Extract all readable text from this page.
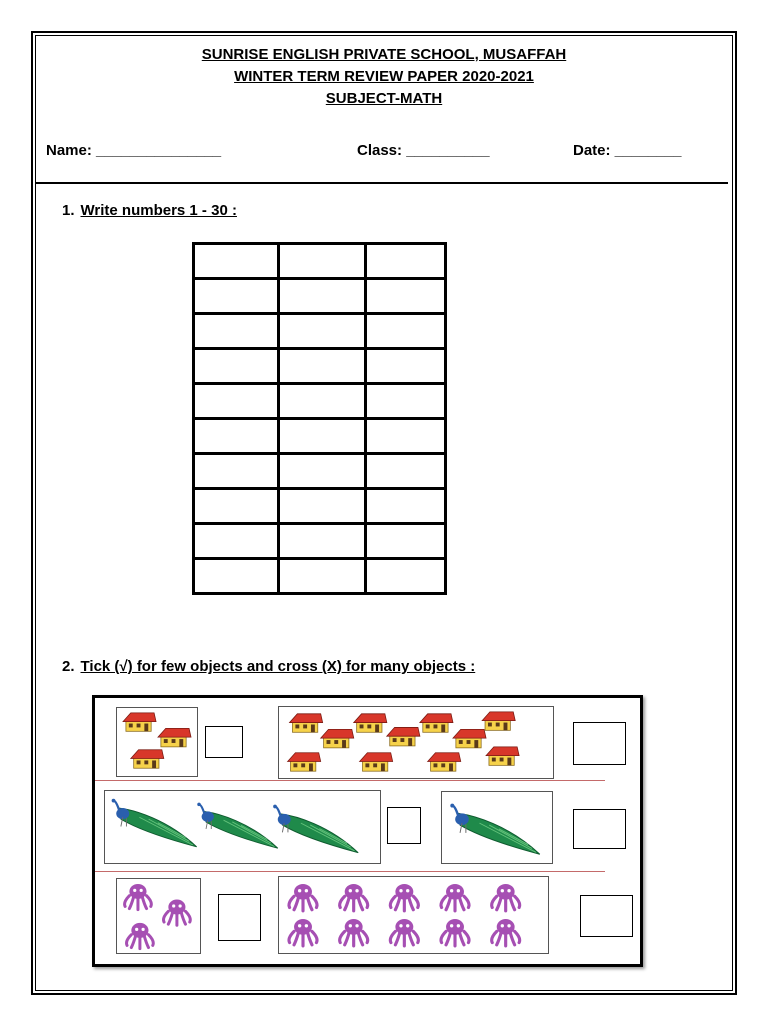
SUNRISE ENGLISH PRIVATE SCHOOL, MUSAFFAH
WINTER TERM REVIEW PAPER 2020-2021
SUBJECT-MATH
Name: _______________	Class: __________	Date: ________
1. Write numbers 1 - 30 :

2. Tick (√) for few objects and cross (X) for many objects :
